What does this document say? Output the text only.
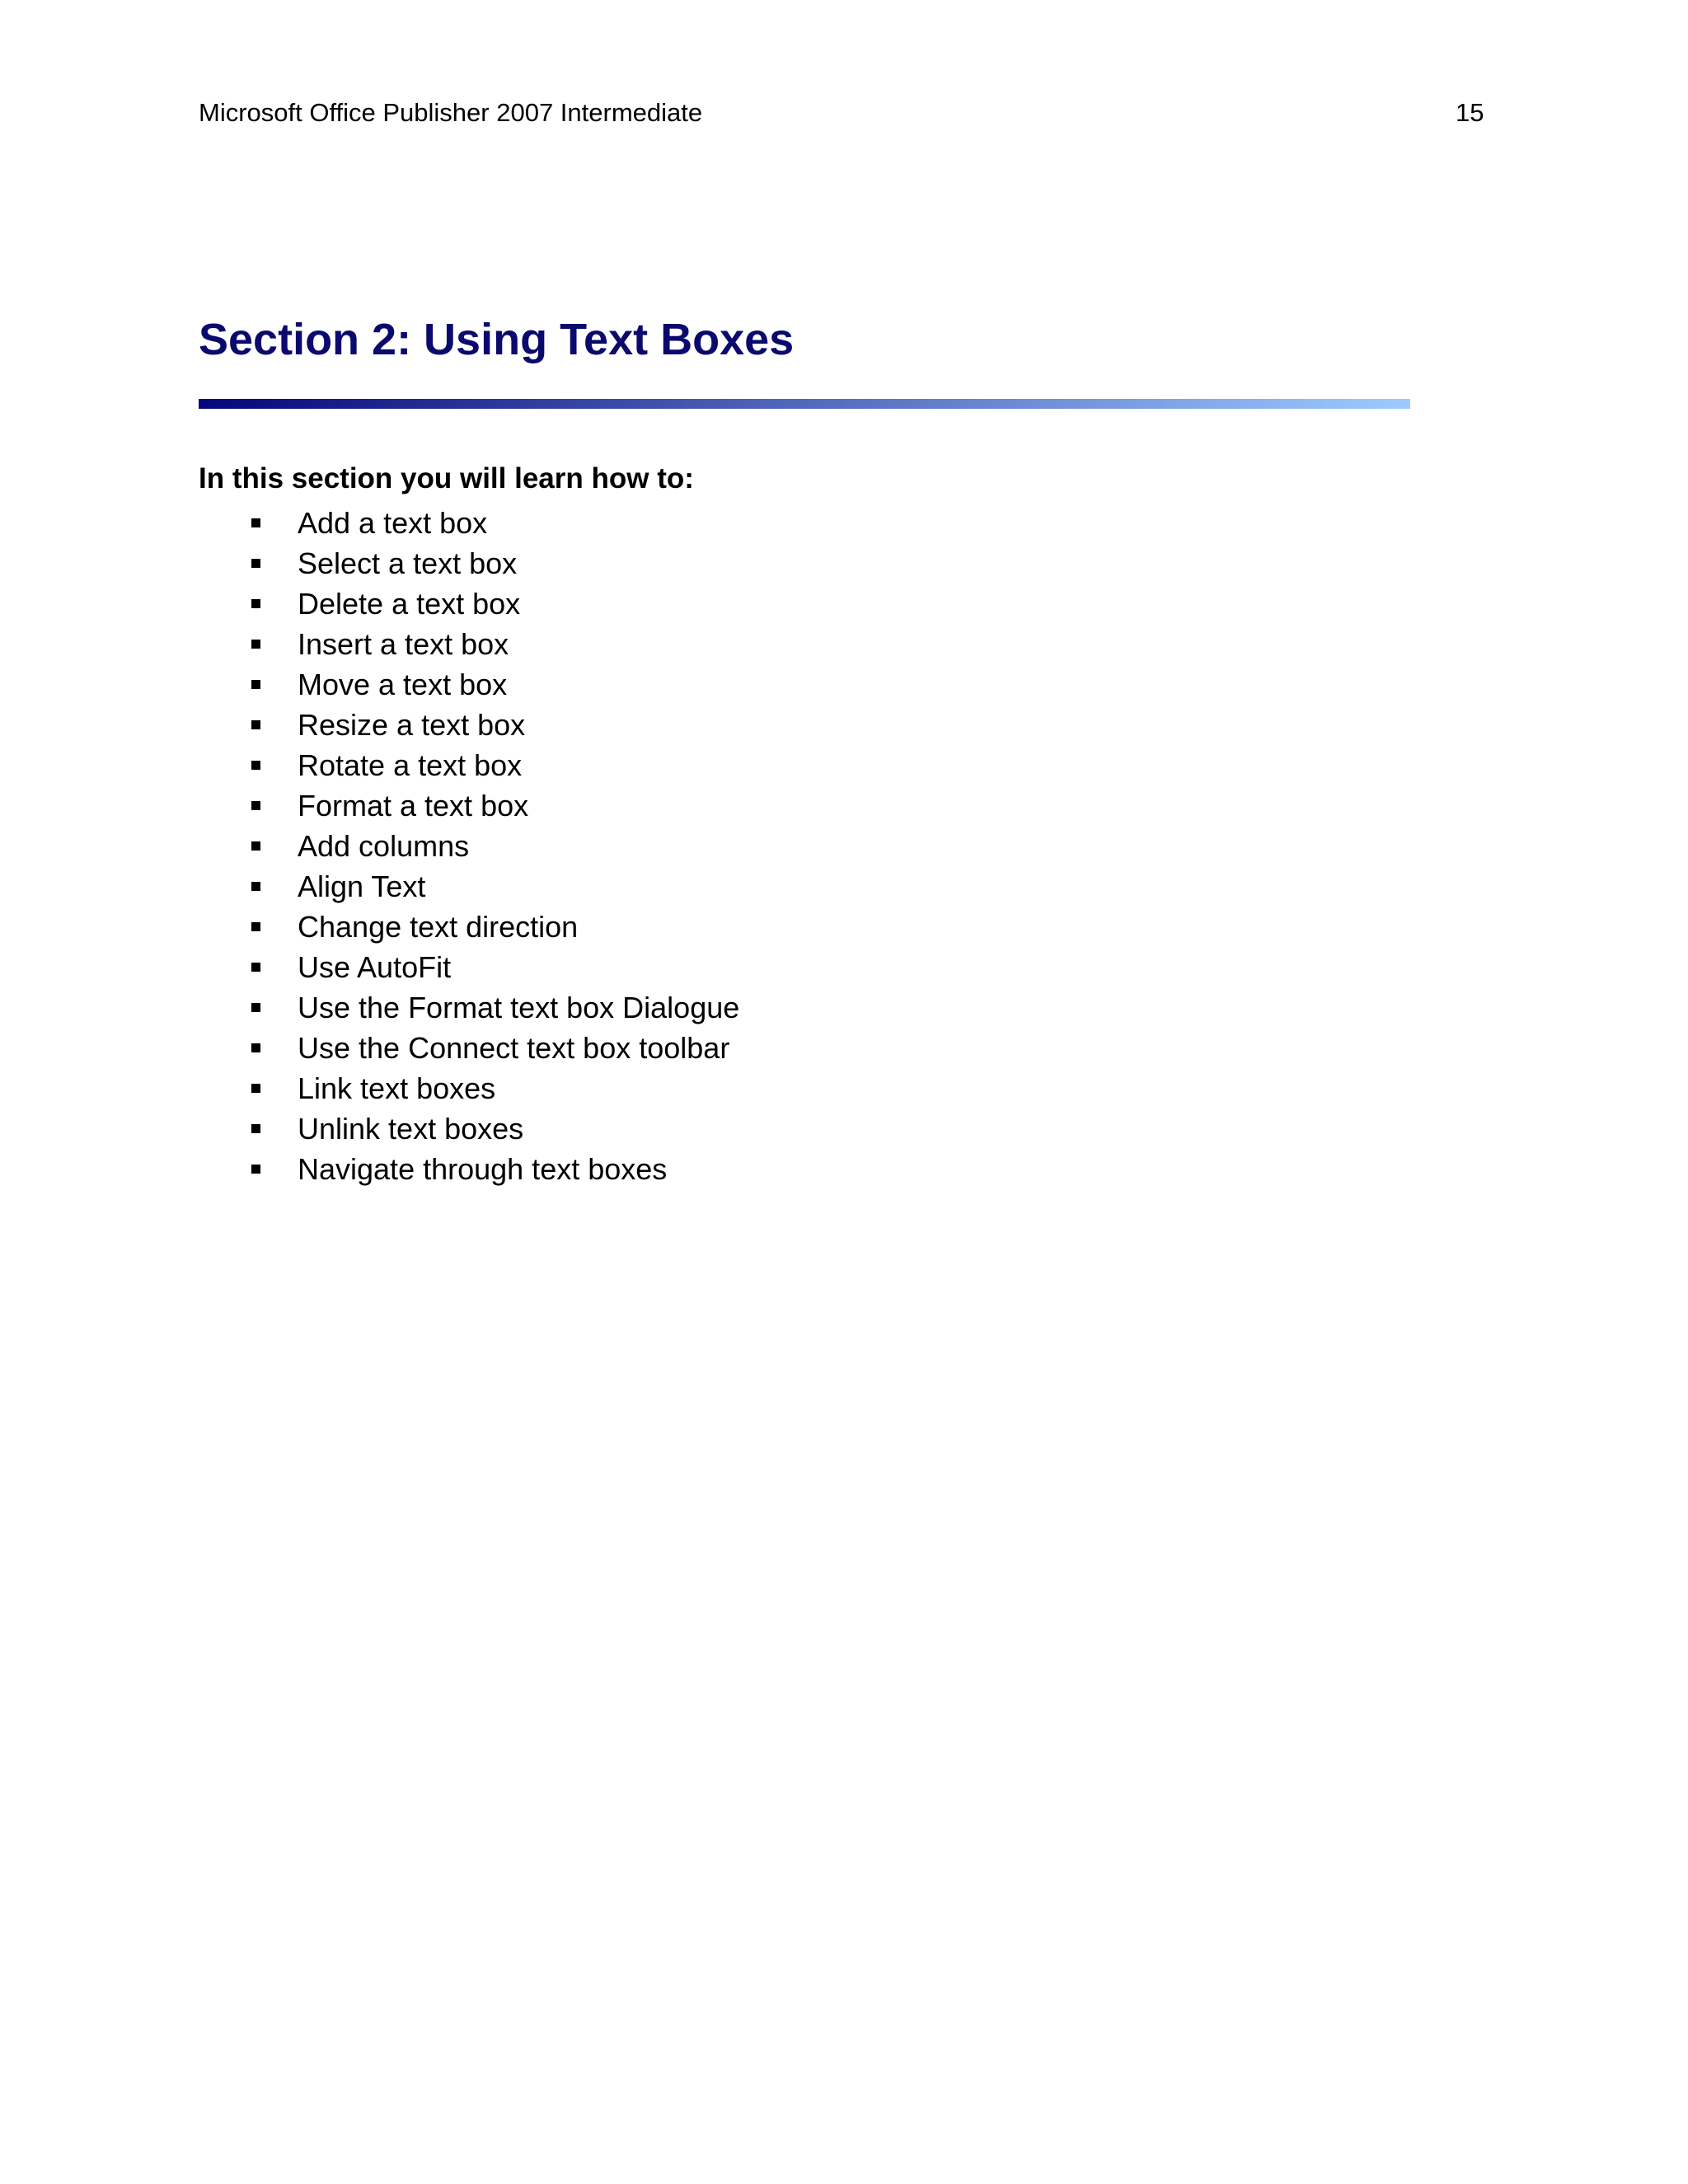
Microsoft Office Publisher 2007 Intermediate	15
Section 2: Using Text Boxes
In this section you will learn how to:
Add a text box
Select a text box
Delete a text box
Insert a text box
Move a text box
Resize a text box
Rotate a text box
Format a text box
Add columns
Align Text
Change text direction
Use AutoFit
Use the Format text box Dialogue
Use the Connect text box toolbar
Link text boxes
Unlink text boxes
Navigate through text boxes
